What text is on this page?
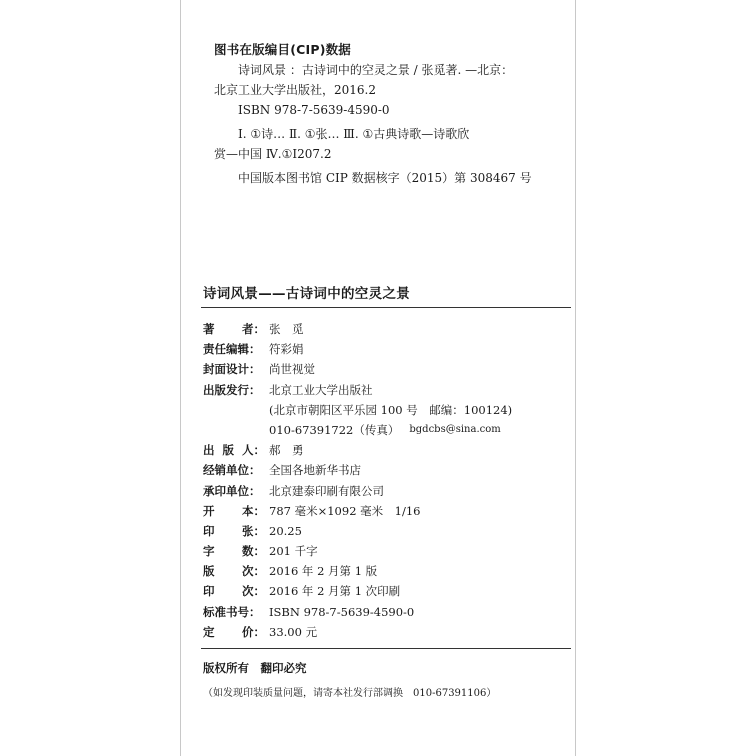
图书在版编目(CIP)数据

诗词风景 ：古诗词中的空灵之景 / 张觅著. —北京：

北京工业大学出版社，2016.2

ISBN 978-7-5639-4590-0

Ⅰ. ①诗… Ⅱ. ①张… Ⅲ. ①古典诗歌—诗歌欣

赏—中国 Ⅳ.①I207.2

中国版本图书馆 CIP 数据核字（2015）第 308467 号

诗词风景——古诗词中的空灵之景
著 者： 张　觅
责任编辑： 符彩娟
封面设计： 尚世视觉
出版发行： 北京工业大学出版社
(北京市朝阳区平乐园 100 号　邮编：100124)
010-67391722（传真） bgdcbs@sina.com
出 版 人： 郝　勇
经销单位： 全国各地新华书店
承印单位： 北京建泰印刷有限公司
开 本： 787 毫米×1092 毫米　1/16
印 张： 20.25
字 数： 201 千字
版 次： 2016 年 2 月第 1 版
印 次： 2016 年 2 月第 1 次印刷
标准书号： ISBN 978-7-5639-4590-0
定 价： 33.00 元

版权所有　翻印必究

（如发现印装质量问题，请寄本社发行部调换　010-67391106）
